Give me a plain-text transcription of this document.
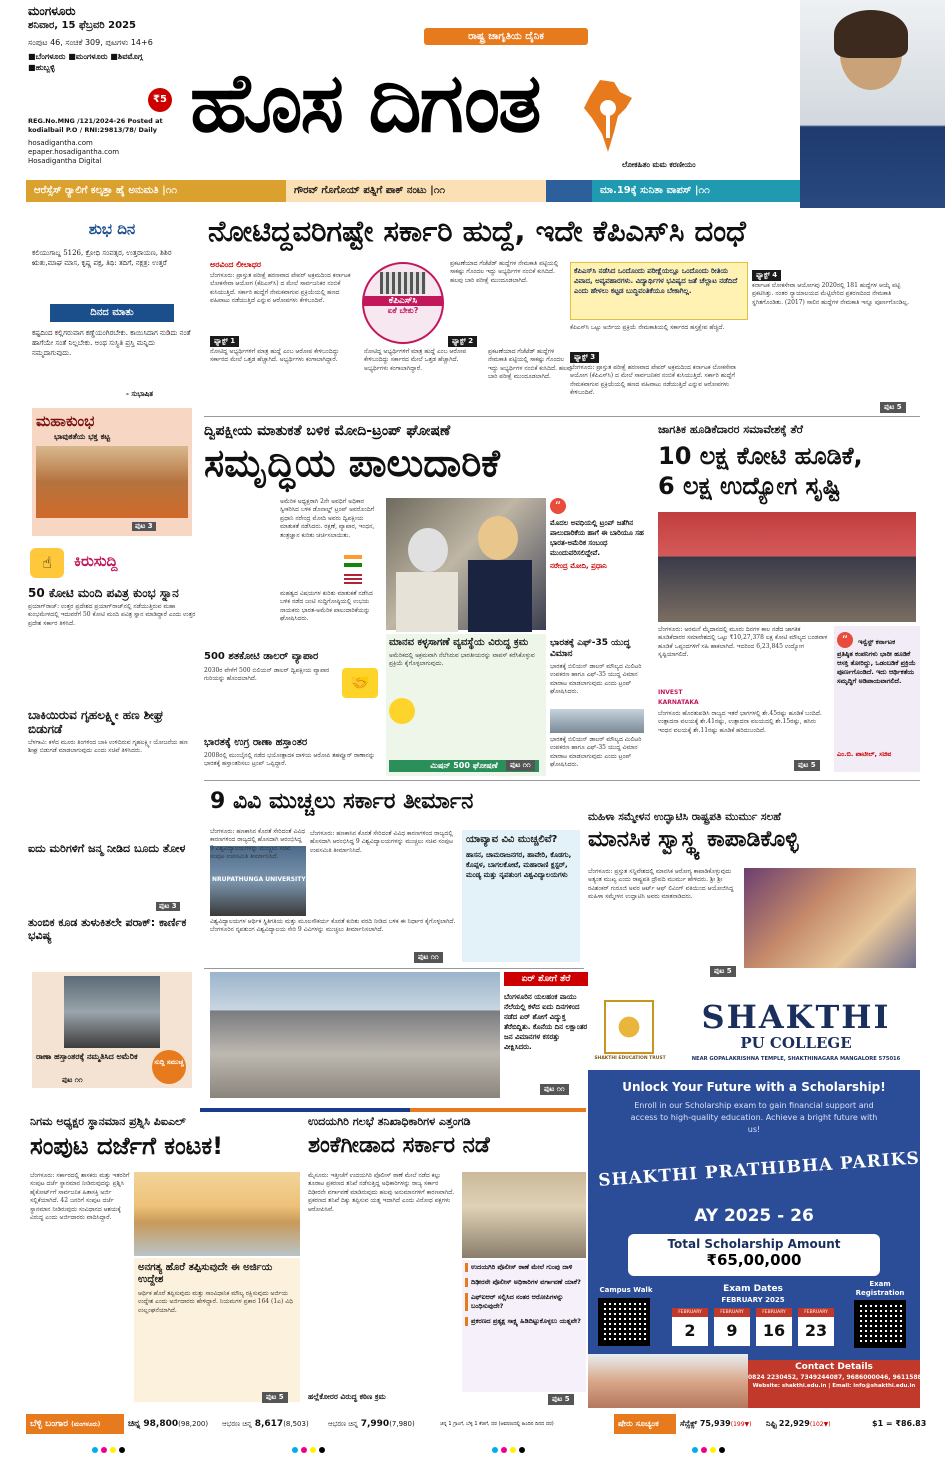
ಮಂಗಳೂರು
ಶನಿವಾರ, 15 ಫೆಬ್ರವರಿ 2025
ಸಂಪುಟ 46, ಸಂಚಿಕೆ 309, ಪುಟಗಳು 14+6
■ಬೆಂಗಳೂರು ■ಮಂಗಳೂರು ■ಶಿವಮೊಗ್ಗ ■ಹುಬ್ಬಳ್ಳಿ
₹5
REG.No.MNG /121/2024-26 Posted at kodialbail P.O / RNI:29813/78/ Daily
hosadigantha.com
epaper.hosadigantha.com
Hosadigantha Digital
ರಾಷ್ಟ್ರ ಜಾಗೃತಿಯ ದೈನಿಕ
ಹೊಸ ದಿಗಂತ
ಲೋಕಹಿತಂ ಮಮ ಕರಣೀಯಂ
ಆರೆಸ್ಸೆಸ್ ರ‍್ಯಾಲಿಗೆ ಕಲ್ಕತ್ತಾ ಹೈ ಅನುಮತಿ |೧೧	ಗೌರವ್ ಗೊಗೊಯ್ ಪತ್ನಿಗೆ ಪಾಕ್ ನಂಟು |೧೧	ಮಾ.19ಕ್ಕೆ ಸುನಿತಾ ವಾಪಸ್ |೧೧
ಶುಭ ದಿನ
ಕಲಿಯುಗಾಬ್ದ 5126, ಕ್ರೋಧಿ ಸಂವತ್ಸರ, ಉತ್ತರಾಯಣ, ಶಿಶಿರ ಋತು,ಮಾಘ ಮಾಸ, ಕೃಷ್ಣ ಪಕ್ಷ, ತಿಥಿ: ತದಿಗೆ, ನಕ್ಷತ್ರ: ಉತ್ತರೆ
ದಿನದ ಮಾತು
ಕಷ್ಟದಿಂದ ಕಲ್ಲಿಗರುವಾಗ ಕಣ್ಣೆಯಂಗಿರಬೇಕು. ಕಾಯಿಸಿದಾಗ ನುಡಿದು ನಂತೆ ಹಾಗೆಯೇ ಸಂತೆ ನಿಲ್ಲಬೇಕು. ಅಂಥ ಸುಸ್ಥಿತಿ ಪ್ರಸ್ತಿ ಮನ್ನಿದು ನಮ್ಮದಾಗುವುದು.
- ಸುಭಾಷಿತ
ಮಹಾಕುಂಭ
ಭಾವುಕತೆಯ ಭಕ್ತ ಕಟ್ಟ
ಪುಟ 3
☝	ಕಿರುಸುದ್ದಿ
50 ಕೋಟಿ ಮಂದಿ ಪವಿತ್ರ ಕುಂಭ ಸ್ನಾನ
ಪ್ರಯಾಗ್‌ರಾಜ್: ಉತ್ತರ ಪ್ರದೇಶದ ಪ್ರಯಾಗ್‌ರಾಜ್‌ನಲ್ಲಿ ನಡೆಯುತ್ತಿರುವ ಮಹಾ ಕುಂಭಮೇಳದಲ್ಲಿ ಇದುವರೆಗೆ 50 ಕೋಟಿ ಮಂದಿ ಪವಿತ್ರ ಸ್ನಾನ ಮಾಡಿದ್ದಾರೆ ಎಂದು ಉತ್ತರ ಪ್ರದೇಶ ಸರ್ಕಾರ ತಿಳಿಸಿದೆ.
ಬಾಕಿಯಿರುವ ಗೃಹಲಕ್ಷ್ಮೀ ಹಣ ಶೀಘ್ರ ಬಿಡುಗಡೆ
ಬೆಳಗಾವಿ: ಕಳೆದ ಮೂರು ತಿಂಗಳಿಂದ ಬಾಕಿ ಉಳಿದಿರುವ ಗೃಹಲಕ್ಷ್ಮೀ ಯೋಜನೆಯ ಹಣ ಶೀಘ್ರ ಬಿಡುಗಡೆ ಮಾಡಲಾಗುವುದು ಎಂದು ಸಚಿವೆ ತಿಳಿಸಿದರು.
ಐದು ಮರಿಗಳಿಗೆ ಜನ್ಮ ನೀಡಿದ ಬೂದು ತೋಳ
ತುಂಬಿಕ ಕೂಡ ತುಳುಕಿತಲೇ ಪರಾಕ್: ಕಾರ್ಣಿಕ ಭವಿಷ್ಯ
ಪುಟ 3
ರಾಣಾ ಹಸ್ತಾಂತರಕ್ಕೆ ನಮ್ಮತಿಸಿದ ಅಮೆರಿಕ
ಪುಟ ೧೧
ಸುದ್ದಿ ಸಮುಚ್ಚ
ನೋಟಿದ್ದವರಿಗಷ್ಟೇ ಸರ್ಕಾರಿ ಹುದ್ದೆ, ಇದೇ ಕೆಪಿಎಸ್‌ಸಿ ದಂಧೆ
ಅರವಿಂದ ಲೀಲಾಧರ
ಬೆಂಗಳೂರು: ಪ್ರಾಸ್ತುತ ಪರೀಕ್ಷೆ ಹರಣವಾದ ಪೇಪರ್ ಅಕ್ರಮದಿಂದ ಕರ್ನಾಟಕ ಲೋಕಸೇವಾ ಆಯೋಗ (ಕೆಪಿಎಸ್‌ಸಿ) ದ ಮೇಲೆ ಸಾರ್ವಜನಿಕರ ನಂಬಿಕೆ ಕುಸಿಯುತ್ತಿದೆ. ಸರ್ಕಾರಿ ಹುದ್ದೆಗೆ ನೇಮಕವಾಗುವ ಪ್ರಕ್ರಿಯೆಯಲ್ಲಿ ಹಣದ ವಹಿವಾಟು ನಡೆಯುತ್ತಿದೆ ಎನ್ನುವ ಆರೋಪಗಳು ಕೇಳಿಬಂದಿವೆ.
ಫ್ಯಾಕ್ಟ್ 1
ನೋಟಿದ್ದ ಅಭ್ಯರ್ಥಿಗಳಿಗೆ ಮಾತ್ರ ಹುದ್ದೆ ಎಂಬ ಆರೋಪ ಕೇಳಿಬಂದಿದ್ದು ಸರ್ಕಾರದ ಮೇಲೆ ಒತ್ತಡ ಹೆಚ್ಚಾಗಿದೆ. ಅಭ್ಯರ್ಥಿಗಳು ಕಂಗಾಲಾಗಿದ್ದಾರೆ.
ಕೆಪಿಎಸ್‌ಸಿ
ಏಕೆ ಬೇಕು?
ನೋಟಿದ್ದ ಅಭ್ಯರ್ಥಿಗಳಿಗೆ ಮಾತ್ರ ಹುದ್ದೆ ಎಂಬ ಆರೋಪ ಕೇಳಿಬಂದಿದ್ದು ಸರ್ಕಾರದ ಮೇಲೆ ಒತ್ತಡ ಹೆಚ್ಚಾಗಿದೆ. ಅಭ್ಯರ್ಥಿಗಳು ಕಂಗಾಲಾಗಿದ್ದಾರೆ.
ಫ್ಯಾಕ್ಟ್ 2
ಪ್ರಕಟಣೆಯಾದ ಗೆಜೆಟೆಡ್ ಹುದ್ದೆಗಳ ನೇಮಕಾತಿ ಪಟ್ಟಿಯಲ್ಲಿ ಸಾಕಷ್ಟು ಗೊಂದಲ ಇದ್ದು ಅಭ್ಯರ್ಥಿಗಳ ನಂಬಿಕೆ ಕುಸಿದಿದೆ. ಹಲವು ಬಾರಿ ಪರೀಕ್ಷೆ ಮುಂದೂಡಲಾಗಿದೆ.
ಪ್ರಕಟಣೆಯಾದ ಗೆಜೆಟೆಡ್ ಹುದ್ದೆಗಳ ನೇಮಕಾತಿ ಪಟ್ಟಿಯಲ್ಲಿ ಸಾಕಷ್ಟು ಗೊಂದಲ ಇದ್ದು ಅಭ್ಯರ್ಥಿಗಳ ನಂಬಿಕೆ ಕುಸಿದಿದೆ. ಹಲವು ಬಾರಿ ಪರೀಕ್ಷೆ ಮುಂದೂಡಲಾಗಿದೆ.
ಕೆಪಿಎಸ್‌ಸಿ ನಡೆಸಿದ ಒಂದೊಂದು ಪರೀಕ್ಷೆಯಲ್ಲೂ ಒಂದೊಂದು ರೀತಿಯ ವಿವಾದ, ಅವ್ಯವಹಾರಗಳು. ವಿದ್ಯಾರ್ಥಿಗಳ ಭವಿಷ್ಯದ ಜತೆ ಚೆಲ್ಲಾಟ ನಡೆದಿದೆ ಎಂದು ಹೇಳಲು ಕಟ್ಟಡ ಬುದ್ಧಿವಂತಿಕೆಯೂ ಬೇಕಾಗಿಲ್ಲ.
ಫ್ಯಾಕ್ಟ್ 3
ಕೆಪಿಎಸ್‌ಸಿ ಒಟ್ಟು ಅರ್ಜಿಯ ಪ್ರಕ್ರಿಯೆ ನೇಮಕಾತಿಯಲ್ಲಿ ಸರ್ಕಾರದ ಹಸ್ತಕ್ಷೇಪ ಹೆಚ್ಚಿದೆ.
ಬೆಂಗಳೂರು: ಪ್ರಾಸ್ತುತ ಪರೀಕ್ಷೆ ಹರಣವಾದ ಪೇಪರ್ ಅಕ್ರಮದಿಂದ ಕರ್ನಾಟಕ ಲೋಕಸೇವಾ ಆಯೋಗ (ಕೆಪಿಎಸ್‌ಸಿ) ದ ಮೇಲೆ ಸಾರ್ವಜನಿಕರ ನಂಬಿಕೆ ಕುಸಿಯುತ್ತಿದೆ. ಸರ್ಕಾರಿ ಹುದ್ದೆಗೆ ನೇಮಕವಾಗುವ ಪ್ರಕ್ರಿಯೆಯಲ್ಲಿ ಹಣದ ವಹಿವಾಟು ನಡೆಯುತ್ತಿದೆ ಎನ್ನುವ ಆರೋಪಗಳು ಕೇಳಿಬಂದಿವೆ.
ಫ್ಯಾಕ್ಟ್ 4
ಕರ್ನಾಟಕ ಲೋಕಸೇವಾ ಆಯೋಗವು 2020ರಲ್ಲಿ 181 ಹುದ್ದೆಗಳ ಆಯ್ಕೆ ಪಟ್ಟಿ ಪ್ರಕಟಿಸಿತ್ತು. ನಂತರ ನ್ಯಾಯಾಲಯದ ಮೆಟ್ಟಿಲೇರಿದ ಪ್ರಕರಣದಿಂದ ನೇಮಕಾತಿ ಸ್ಥಗಿತಗೊಂಡಿತು. (2017) ಸಾಲಿನ ಹುದ್ದೆಗಳ ನೇಮಕಾತಿ ಇನ್ನೂ ಪೂರ್ಣಗೊಂಡಿಲ್ಲ.
ಪುಟ 5
ದ್ವಿಪಕ್ಷೀಯ ಮಾತುಕತೆ ಬಳಿಕ ಮೋದಿ-ಟ್ರಂಪ್ ಘೋಷಣೆ
ಸಮೃದ್ಧಿಯ ಪಾಲುದಾರಿಕೆ
ಅಮೆರಿಕ ಅಧ್ಯಕ್ಷರಾಗಿ 2ನೇ ಅವಧಿಗೆ ಅಧಿಕಾರ ಸ್ವೀಕರಿಸಿದ ಬಳಿಕ ಡೊನಾಲ್ಡ್ ಟ್ರಂಪ್ ಅವರೊಂದಿಗೆ ಪ್ರಧಾನಿ ನರೇಂದ್ರ ಮೋದಿ ಅವರು ದ್ವಿಪಕ್ಷೀಯ ಮಾತುಕತೆ ನಡೆಸಿದರು. ರಕ್ಷಣೆ, ವ್ಯಾಪಾರ, ಇಂಧನ, ತಂತ್ರಜ್ಞಾನ ಕುರಿತು ಚರ್ಚಿಸಲಾಯಿತು.

ಮಹತ್ವದ ವಿಷಯಗಳ ಕುರಿತು ಮಾತುಕತೆ ನಡೆಸಿದ ಬಳಿಕ ನಡೆದ ಜಂಟಿ ಸುದ್ದಿಗೋಷ್ಠಿಯಲ್ಲಿ ಉಭಯ ನಾಯಕರು ಭಾರತ-ಅಮೆರಿಕ ಪಾಲುದಾರಿಕೆಯನ್ನು ಘೋಷಿಸಿದರು.
“
ಮೊದಲ ಅವಧಿಯಲ್ಲಿ ಟ್ರಂಪ್ ಜತೆಗಿನ ಪಾಲುದಾರಿಕೆಯ ಹಾಗೆ ಈ ಬಾರಿಯೂ ಸಹ ಭಾರತ-ಅಮೆರಿಕ ಸಂಬಂಧ ಮುಂದುವರಿಸಲಿದ್ದೇವೆ.
ನರೇಂದ್ರ ಮೋದಿ, ಪ್ರಧಾನಿ
500 ಶತಕೋಟಿ ಡಾಲರ್ ವ್ಯಾಪಾರ
2030ರ ವೇಳೆಗೆ 500 ಬಿಲಿಯನ್ ಡಾಲರ್ ದ್ವಿಪಕ್ಷೀಯ ವ್ಯಾಪಾರ ಗುರಿಯನ್ನು ಹೊಂದಲಾಗಿದೆ.	🤝
ಭಾರತಕ್ಕೆ ಉಗ್ರ ರಾಣಾ ಹಸ್ತಾಂತರ
2008ರಲ್ಲಿ ಮುಂಬೈನಲ್ಲಿ ನಡೆದ ಭಯೋತ್ಪಾದಕ ದಾಳಿಯ ಆರೋಪಿ ತಹವ್ವೂರ್ ರಾಣಾನನ್ನು ಭಾರತಕ್ಕೆ ಹಸ್ತಾಂತರಿಸಲು ಟ್ರಂಪ್ ಒಪ್ಪಿದ್ದಾರೆ.
ಮಾನವ ಕಳ್ಳಸಾಗಣೆ ವ್ಯವಸ್ಥೆಯ ವಿರುದ್ಧ ಕ್ರಮ
ಅಮೆರಿಕದಲ್ಲಿ ಅಕ್ರಮವಾಗಿ ನೆಲೆಸಿರುವ ಭಾರತೀಯರನ್ನು ವಾಪಸ್ ಕರೆಸಿಕೊಳ್ಳುವ ಪ್ರಕ್ರಿಯೆ ಕೈಗೊಳ್ಳಲಾಗುವುದು.
ಮಿಷನ್ 500 ಘೋಷಣೆ
ಭಾರತಕ್ಕೆ ಎಫ್-35 ಯುದ್ಧ ವಿಮಾನ
ಭಾರತಕ್ಕೆ ಬಿಲಿಯನ್ ಡಾಲರ್ ಮೌಲ್ಯದ ಮಿಲಿಟರಿ ಉಪಕರಣ ಹಾಗೂ ಎಫ್-35 ಯುದ್ಧ ವಿಮಾನ ಮಾರಾಟ ಮಾಡಲಾಗುವುದು ಎಂದು ಟ್ರಂಪ್ ಘೋಷಿಸಿದರು.
ಭಾರತಕ್ಕೆ ಬಿಲಿಯನ್ ಡಾಲರ್ ಮೌಲ್ಯದ ಮಿಲಿಟರಿ ಉಪಕರಣ ಹಾಗೂ ಎಫ್-35 ಯುದ್ಧ ವಿಮಾನ ಮಾರಾಟ ಮಾಡಲಾಗುವುದು ಎಂದು ಟ್ರಂಪ್ ಘೋಷಿಸಿದರು.
ಪುಟ ೧೧
ಜಾಗತಿಕ ಹೂಡಿಕೆದಾರರ ಸಮಾವೇಶಕ್ಕೆ ತೆರೆ
10 ಲಕ್ಷ ಕೋಟಿ ಹೂಡಿಕೆ,
6 ಲಕ್ಷ ಉದ್ಯೋಗ ಸೃಷ್ಟಿ
ಬೆಂಗಳೂರು: ಅರಮನೆ ಮೈದಾನದಲ್ಲಿ ಮೂರು ದಿನಗಳ ಕಾಲ ನಡೆದ ಜಾಗತಿಕ ಹೂಡಿಕೆದಾರರ ಸಮಾವೇಶದಲ್ಲಿ ಒಟ್ಟು ₹10,27,378 ಲಕ್ಷ ಕೋಟಿ ಮೌಲ್ಯದ ಬಂಡವಾಳ ಹೂಡಿಕೆ ಒಪ್ಪಂದಗಳಿಗೆ ಸಹಿ ಹಾಕಲಾಗಿದೆ. ಇದರಿಂದ 6,23,845 ಉದ್ಯೋಗ ಸೃಷ್ಟಿಯಾಗಲಿದೆ.
INVEST KARNATAKA
ಬೆಂಗಳೂರು ಹೊರತುಪಡಿಸಿ ರಾಜ್ಯದ ಇತರೆ ಭಾಗಗಳಲ್ಲಿ ಶೇ.45ರಷ್ಟು ಹೂಡಿಕೆ ಬಂದಿದೆ. ಉತ್ಪಾದನಾ ವಲಯಕ್ಕೆ ಶೇ.41ರಷ್ಟು, ಉತ್ಪಾದನಾ ವಲಯದಲ್ಲಿ ಶೇ.15ರಷ್ಟು, ಹಸಿರು ಇಂಧನ ವಲಯಕ್ಕೆ ಶೇ.11ರಷ್ಟು ಹೂಡಿಕೆ ಹರಿದುಬಂದಿದೆ.
“ ಇನ್ವೆಸ್ಟ್ ಕರ್ನಾಟಕ
ಪ್ರತಿಷ್ಠಿತ ಕಂಪನಿಗಳು ಭಾರೀ ಹೂಡಿಕೆ ಆಸಕ್ತಿ ತೋರಿದ್ದು, ಒಡಂಬಡಿಕೆ ಪ್ರಕ್ರಿಯೆ ಪೂರ್ಣಗೊಂಡಿದೆ. ಇದು ಆರ್ಥಿಕತೆಯ ಸಮೃದ್ಧಿಗೆ ಅಡಿಪಾಯವಾಗಲಿದೆ.
ಎಂ.ಬಿ. ಪಾಟೀಲ್, ಸಚಿವ
ಪುಟ 5
9 ವಿವಿ ಮುಚ್ಚಲು ಸರ್ಕಾರ ತೀರ್ಮಾನ
NRUPATHUNGA UNIVERSITY
ಬೆಂಗಳೂರು: ಹಣಕಾಸಿನ ಕೊರತೆ ಸೇರಿದಂತೆ ವಿವಿಧ ಕಾರಣಗಳಿಂದ ರಾಜ್ಯದಲ್ಲಿ ಹೊಸದಾಗಿ ಆರಂಭಿಸಿದ್ದ 9 ವಿಶ್ವವಿದ್ಯಾಲಯಗಳನ್ನು ಮುಚ್ಚಲು ಸಚಿವ ಸಂಪುಟ ಉಪಸಮಿತಿ ತೀರ್ಮಾನಿಸಿದೆ.
ಬೆಂಗಳೂರು: ಹಣಕಾಸಿನ ಕೊರತೆ ಸೇರಿದಂತೆ ವಿವಿಧ ಕಾರಣಗಳಿಂದ ರಾಜ್ಯದಲ್ಲಿ ಹೊಸದಾಗಿ ಆರಂಭಿಸಿದ್ದ 9 ವಿಶ್ವವಿದ್ಯಾಲಯಗಳನ್ನು ಮುಚ್ಚಲು ಸಚಿವ ಸಂಪುಟ ಉಪಸಮಿತಿ ತೀರ್ಮಾನಿಸಿದೆ.
ವಿಶ್ವವಿದ್ಯಾಲಯಗಳ ಆರ್ಥಿಕ ಸ್ಥಿತಿಗತಿಯ ಮತ್ತು ಮೂಲಸೌಕರ್ಯ ಕೊರತೆ ಕುರಿತು ವರದಿ ನೀಡಿದ ಬಳಿಕ ಈ ನಿರ್ಧಾರ ಕೈಗೊಳ್ಳಲಾಗಿದೆ. ಬೆಂಗಳೂರಿನ ನೃಪತುಂಗ ವಿಶ್ವವಿದ್ಯಾಲಯ ಸೇರಿ 9 ವಿವಿಗಳನ್ನು ಮುಚ್ಚಲು ತೀರ್ಮಾನಿಸಲಾಗಿದೆ.
ಯಾವ್ಯಾವ ವಿವಿ ಮುಚ್ಚಲಿವೆ?
ಹಾಸನ, ಚಾಮರಾಜನಗರ, ಹಾವೇರಿ, ಕೊಡಗು, ಕೊಪ್ಪಳ, ಬಾಗಲಕೋಟೆ, ಮಹಾರಾಣಿ ಕ್ಲಸ್ಟರ್, ಮಂಡ್ಯ ಮತ್ತು ನೃಪತುಂಗ ವಿಶ್ವವಿದ್ಯಾಲಯಗಳು
ಪುಟ ೧೧
ಮಹಿಳಾ ಸಮ್ಮೇಳನ ಉದ್ಘಾಟಿಸಿ ರಾಷ್ಟ್ರಪತಿ ಮುರ್ಮು ಸಲಹೆ
ಮಾನಸಿಕ ಸ್ವಾಸ್ಥ್ಯ ಕಾಪಾಡಿಕೊಳ್ಳಿ
ಬೆಂಗಳೂರು: ಪ್ರಸ್ತುತ ಸನ್ನಿವೇಶದಲ್ಲಿ ಮಾನಸಿಕ ಆರೋಗ್ಯ ಕಾಪಾಡಿಕೊಳ್ಳುವುದು ಅತ್ಯಂತ ಮುಖ್ಯ ಎಂದು ರಾಷ್ಟ್ರಪತಿ ದ್ರೌಪದಿ ಮುರ್ಮು ಹೇಳಿದರು. ಶ್ರೀ ಶ್ರೀ ರವಿಶಂಕರ್ ಗುರೂಜಿ ಅವರ ಆರ್ಟ್ ಆಫ್ ಲಿವಿಂಗ್ ವತಿಯಿಂದ ಆಯೋಜಿಸಿದ್ದ ಮಹಿಳಾ ಸಮ್ಮೇಳನ ಉದ್ಘಾಟಿಸಿ ಅವರು ಮಾತನಾಡಿದರು.
ಪುಟ 5
ಏರ್ ಶೋಗೆ ತೆರೆ
ಬೆಂಗಳೂರಿನ ಯಲಹಂಕ ವಾಯು ನೆಲೆಯಲ್ಲಿ ಕಳೆದ ಐದು ದಿನಗಳಿಂದ ನಡೆದ ಏರ್ ಶೋಗೆ ವಿದ್ಯುಕ್ತ ತೆರೆಬಿದ್ದಿತು. ಕೊನೆಯ ದಿನ ಲಕ್ಷಾಂತರ ಜನ ವಿಮಾನಗಳ ಕಸರತ್ತು ವೀಕ್ಷಿಸಿದರು.
ಪುಟ ೧೧
ನಿಗಮ ಅಧ್ಯಕ್ಷರ ಸ್ಥಾನಮಾನ ಪ್ರಶ್ನಿಸಿ ಪಿಐಎಲ್
ಸಂಪುಟ ದರ್ಜೆಗೆ ಕಂಟಕ!
ಬೆಂಗಳೂರು: ಸರ್ಕಾರದಲ್ಲಿ ಶಾಸಕರು ಮತ್ತು ಇತರರಿಗೆ ಸಂಪುಟ ದರ್ಜೆ ಸ್ಥಾನಮಾನ ನೀಡಿರುವುದನ್ನು ಪ್ರಶ್ನಿಸಿ ಹೈಕೋರ್ಟ್‌ಗೆ ಸಾರ್ವಜನಿಕ ಹಿತಾಸಕ್ತಿ ಅರ್ಜಿ ಸಲ್ಲಿಕೆಯಾಗಿದೆ. 42 ಜನರಿಗೆ ಸಂಪುಟ ದರ್ಜೆ ಸ್ಥಾನಮಾನ ನೀಡಿರುವುದು ಸಂವಿಧಾನದ ಆಶಯಕ್ಕೆ ವಿರುದ್ಧ ಎಂದು ಅರ್ಜಿದಾರರು ವಾದಿಸಿದ್ದಾರೆ.
ಅನಗತ್ಯ ಹೊರೆ ತಪ್ಪಿಸುವುದೇ ಈ ಅರ್ಜಿಯ ಉದ್ದೇಶ
ಆರ್ಥಿಕ ಹೊರೆ ತಪ್ಪಿಸುವುದು ಮತ್ತು ಸಾಂವಿಧಾನಿಕ ಮೌಲ್ಯ ರಕ್ಷಿಸುವುದು ಅರ್ಜಿಯ ಉದ್ದೇಶ ಎಂದು ಅರ್ಜಿದಾರರು ಹೇಳಿದ್ದಾರೆ. ನಿಯಮಗಳ ಪ್ರಕಾರ 164 (1ಎ) ವಿಧಿ ಉಲ್ಲಂಘನೆಯಾಗಿದೆ.
ಪುಟ 5
ಉದಯಗಿರಿ ಗಲಭೆ ತನಿಖಾಧಿಕಾರಿಗಳ ಎತ್ತಂಗಡಿ
ಶಂಕೆಗೀಡಾದ ಸರ್ಕಾರ ನಡೆ
ಮೈಸೂರು: ಇತ್ತೀಚೆಗೆ ಉದಯಗಿರಿ ಪೊಲೀಸ್ ಠಾಣೆ ಮೇಲೆ ನಡೆದ ಕಲ್ಲು ತೂರಾಟ ಪ್ರಕರಣದ ತನಿಖೆ ನಡೆಸುತ್ತಿದ್ದ ಅಧಿಕಾರಿಗಳನ್ನು ರಾಜ್ಯ ಸರ್ಕಾರ ದಿಢೀರನೇ ವರ್ಗಾವಣೆ ಮಾಡಿರುವುದು ಹಲವು ಅನುಮಾನಗಳಿಗೆ ಕಾರಣವಾಗಿದೆ. ಪ್ರಕರಣದ ತನಿಖೆ ದಿಕ್ಕು ತಪ್ಪಿಸುವ ಯತ್ನ ಇದಾಗಿದೆ ಎಂದು ವಿರೋಧ ಪಕ್ಷಗಳು ಆರೋಪಿಸಿವೆ.
ಉದಯಗಿರಿ ಪೊಲೀಸ್ ಠಾಣೆ ಮೇಲೆ ಗುಂಪು ದಾಳಿ
ದಿಢೀರನೇ ಪೊಲೀಸ್ ಅಧಿಕಾರಿಗಳ ವರ್ಗಾವಣೆ ಯಾಕೆ?
ಎಫ್‌ಐಆರ್ ಸಲ್ಲಿಸಿದ ನಂತರ ಆರೋಪಿಗಳನ್ನು ಬಂಧಿಸುವುದೇ?
ಪ್ರಕರಣದ ಪ್ರತ್ಯಕ್ಷ ಸಾಕ್ಷ್ಯ ಹಿಡಿದಿಟ್ಟುಕೊಳ್ಳಲು ಯತ್ನವೇ?
ಹಲ್ಲೆಕೋರರ ವಿರುದ್ಧ ಕಠಿಣ ಕ್ರಮ	ಪುಟ 5
SHAKTHI EDUCATION TRUST
SHAKTHI
PU COLLEGE
NEAR GOPALAKRISHNA TEMPLE, SHAKTHINAGARA MANGALORE 575016
Unlock Your Future with a Scholarship!
Enroll in our Scholarship exam to gain financial support and access to high-quality education. Achieve a bright future with us!
SHAKTHI PRATHIBHA PARIKSHA
AY 2025 - 26
Total Scholarship Amount
₹65,00,000
Campus Walk	Exam Dates
FEBRUARY 2025
FEBRUARY
2
FEBRUARY
9
FEBRUARY
16
FEBRUARY
23
Exam Registration
Contact Details
0824 2230452, 7349244087, 9686000046, 9611588813
Website: shakthi.edu.in | Email: info@shakthi.edu.in
ಬೆಳ್ಳಿ ಬಂಗಾರ (ಮಂಗಳೂರು)	ಚಿನ್ನ 98,800(98,200) ಆಭರಣ ಚಿನ್ನ 8,617(8,503)	ಆಭರಣ ಚಿನ್ನ 7,990(7,980)	ಚಿನ್ನ 1 ಗ್ರಾಂಗೆ, ಬೆಳ್ಳಿ 1 ಕೆಜಿಗೆ, ದರ (ಆವರಣದಲ್ಲಿ ಹಿಂದಿನ ದಿನದ ದರ)	ಷೇರು ಸೂಚ್ಯಂಕ	ಸೆನ್ಸೆಕ್ಸ್ 75,939(199▼) ನಿಫ್ಟಿ 22,929(102▼)	$1 = ₹86.83
